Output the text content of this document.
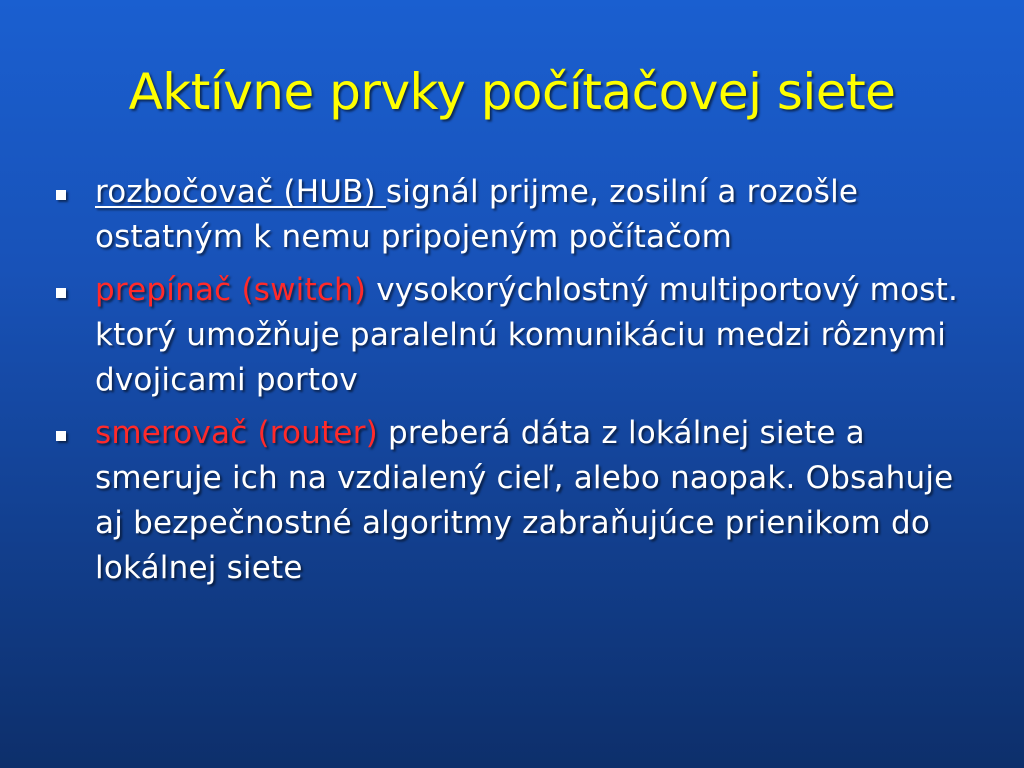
Aktívne prvky počítačovej siete
rozbočovač (HUB) signál prijme, zosilní a rozošle ostatným k nemu pripojeným počítačom
prepínač (switch) vysokorýchlostný multiportový most. ktorý umožňuje paralelnú komunikáciu medzi rôznymi dvojicami portov
smerovač (router) preberá dáta z lokálnej siete a smeruje ich na vzdialený cieľ, alebo naopak. Obsahuje aj bezpečnostné algoritmy zabraňujúce prienikom do lokálnej siete
